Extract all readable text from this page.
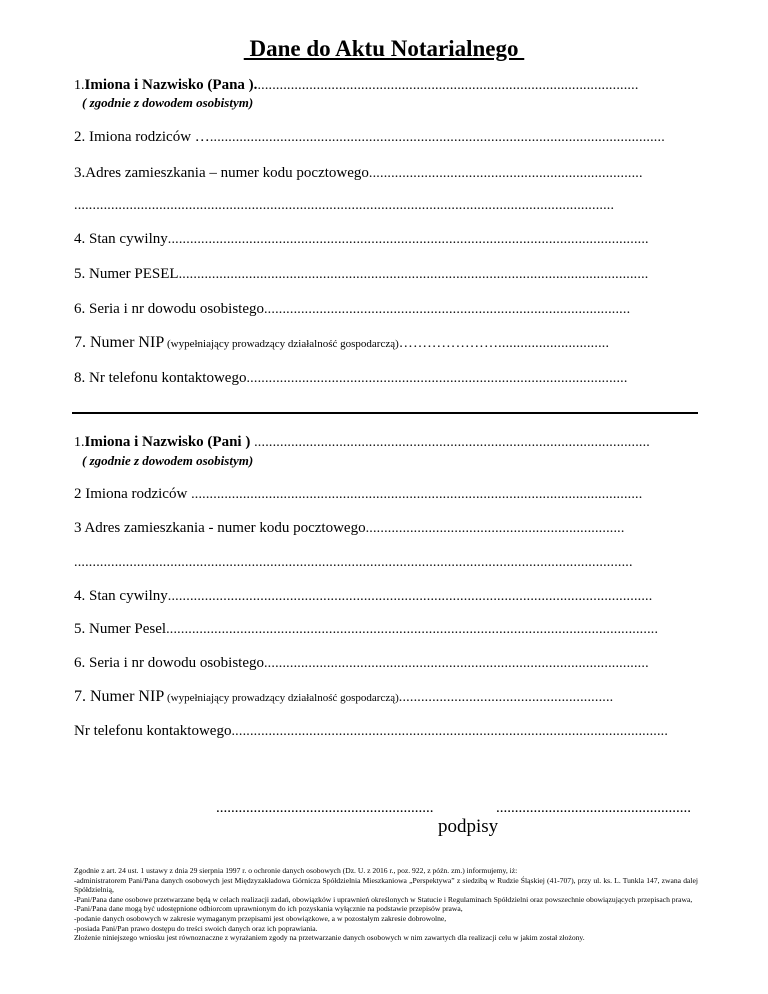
Dane do Aktu Notarialnego
1.Imiona i Nazwisko (Pana )........................................................................................................
( zgodnie z dowodem osobistym)
2. Imiona rodziców …...........................................................................................................................
3.Adres zamieszkania – numer kodu pocztowego..........................................................................
..................................................................................................................................................
4. Stan cywilny..................................................................................................................................
5. Numer PESEL...............................................................................................................................
6. Seria i nr dowodu osobistego...................................................................................................
7. Numer NIP (wypełniający prowadzący działalność gospodarczą)…………………..............................
8. Nr telefonu kontaktowego.......................................................................................................
1.Imiona i Nazwisko (Pani ) ...........................................................................................................
( zgodnie z dowodem osobistym)
2 Imiona rodziców ..........................................................................................................................
3 Adres zamieszkania - numer kodu pocztowego......................................................................
.......................................................................................................................................................
4. Stan cywilny...................................................................................................................................
5. Numer Pesel.....................................................................................................................................
6. Seria i nr dowodu osobistego........................................................................................................
7. Numer NIP (wypełniający prowadzący działalność gospodarczą)..........................................................
Nr telefonu kontaktowego......................................................................................................................
..........................................................	....................................................
podpisy

Zgodnie z art. 24 ust. 1 ustawy z dnia 29 sierpnia 1997 r. o ochronie danych osobowych (Dz. U. z 2016 r., poz. 922, z późn. zm.) informujemy, iż:

-administratorem Pani/Pana danych osobowych jest Międzyzakładowa Górnicza Spółdzielnia Mieszkaniowa „Perspektywa” z siedzibą w Rudzie Śląskiej (41-707), przy ul. ks. L. Tunkla 147, zwana dalej Spółdzielnią,

-Pani/Pana dane osobowe przetwarzane będą w celach realizacji zadań, obowiązków i uprawnień określonych w Statucie i Regulaminach Spółdzielni oraz powszechnie obowiązujących przepisach prawa,

-Pani/Pana dane mogą być udostępnione odbiorcom uprawnionym do ich pozyskania wyłącznie na podstawie przepisów prawa,

-podanie danych osobowych w zakresie wymaganym przepisami jest obowiązkowe, a w pozostałym zakresie dobrowolne,

-posiada Pani/Pan prawo dostępu do treści swoich danych oraz ich poprawiania.

Złożenie niniejszego wniosku jest równoznaczne z wyrażaniem zgody na przetwarzanie danych osobowych w nim zawartych dla realizacji celu w jakim został złożony.
